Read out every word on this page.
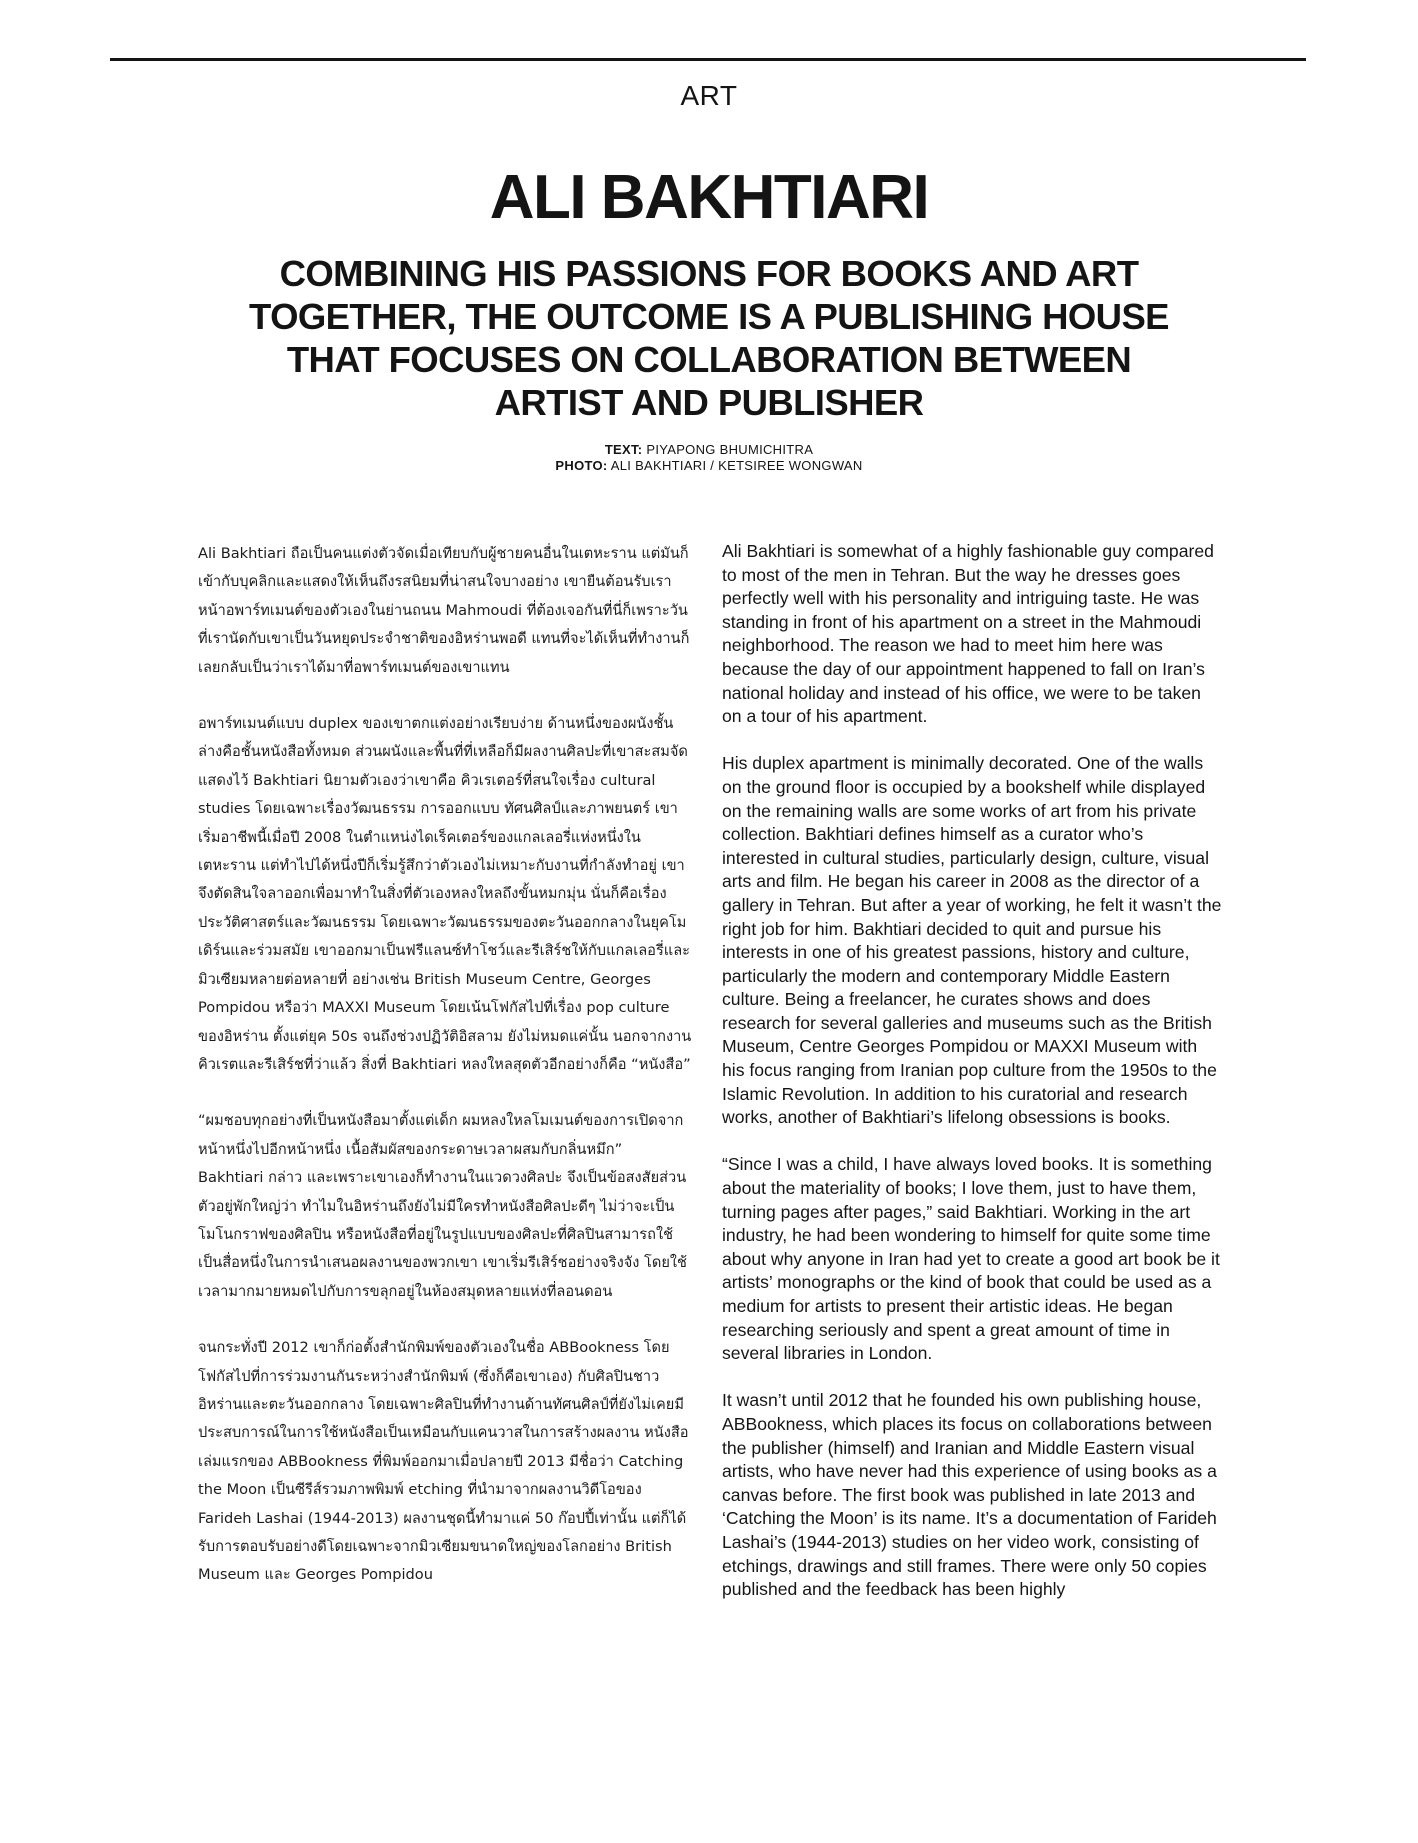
ART
ALI BAKHTIARI
COMBINING HIS PASSIONS FOR BOOKS AND ART TOGETHER, THE OUTCOME IS A PUBLISHING HOUSE THAT FOCUSES ON COLLABORATION BETWEEN ARTIST AND PUBLISHER
TEXT: PIYAPONG BHUMICHITRA
PHOTO: ALI BAKHTIARI / KETSIREE WONGWAN

Ali Bakhtiari ถือเป็นคนแต่งตัวจัดเมื่อเทียบกับผู้ชายคนอื่นในเตหะราน แต่มันก็เข้ากับบุคลิกและแสดงให้เห็นถึงรสนิยมที่น่าสนใจบางอย่าง เขายืนต้อนรับเราหน้าอพาร์ทเมนต์ของตัวเองในย่านถนน Mahmoudi ที่ต้องเจอกันที่นี่ก็เพราะวันที่เรานัดกับเขาเป็นวันหยุดประจำชาติของอิหร่านพอดี แทนที่จะได้เห็นที่ทำงานก็เลยกลับเป็นว่าเราได้มาที่อพาร์ทเมนต์ของเขาแทน

อพาร์ทเมนต์แบบ duplex ของเขาตกแต่งอย่างเรียบง่าย ด้านหนึ่งของผนังชั้นล่างคือชั้นหนังสือทั้งหมด ส่วนผนังและพื้นที่ที่เหลือก็มีผลงานศิลปะที่เขาสะสมจัดแสดงไว้ Bakhtiari นิยามตัวเองว่าเขาคือ คิวเรเตอร์ที่สนใจเรื่อง cultural studies โดยเฉพาะเรื่องวัฒนธรรม การออกแบบ ทัศนศิลป์และภาพยนตร์ เขาเริ่มอาชีพนี้เมื่อปี 2008 ในตำแหน่งไดเร็คเตอร์ของแกลเลอรี่แห่งหนึ่งในเตหะราน แต่ทำไปได้หนึ่งปีก็เริ่มรู้สึกว่าตัวเองไม่เหมาะกับงานที่กำลังทำอยู่ เขาจึงตัดสินใจลาออกเพื่อมาทำในสิ่งที่ตัวเองหลงใหลถึงขั้นหมกมุ่น นั่นก็คือเรื่องประวัติศาสตร์และวัฒนธรรม โดยเฉพาะวัฒนธรรมของตะวันออกกลางในยุคโมเดิร์นและร่วมสมัย เขาออกมาเป็นฟรีแลนซ์ทำโชว์และรีเสิร์ชให้กับแกลเลอรี่และมิวเซียมหลายต่อหลายที่ อย่างเช่น British Museum Centre, Georges Pompidou หรือว่า MAXXI Museum โดยเน้นโฟกัสไปที่เรื่อง pop culture ของอิหร่าน ตั้งแต่ยุค 50s จนถึงช่วงปฏิวัติอิสลาม ยังไม่หมดแค่นั้น นอกจากงานคิวเรตและรีเสิร์ชที่ว่าแล้ว สิ่งที่ Bakhtiari หลงใหลสุดตัวอีกอย่างก็คือ “หนังสือ”

“ผมชอบทุกอย่างที่เป็นหนังสือมาตั้งแต่เด็ก ผมหลงใหลโมเมนต์ของการเปิดจากหน้าหนึ่งไปอีกหน้าหนึ่ง เนื้อสัมผัสของกระดาษเวลาผสมกับกลิ่นหมึก” Bakhtiari กล่าว และเพราะเขาเองก็ทำงานในแวดวงศิลปะ จึงเป็นข้อสงสัยส่วนตัวอยู่พักใหญ่ว่า ทำไมในอิหร่านถึงยังไม่มีใครทำหนังสือศิลปะดีๆ ไม่ว่าจะเป็นโมโนกราฟของศิลปิน หรือหนังสือที่อยู่ในรูปแบบของศิลปะที่ศิลปินสามารถใช้เป็นสื่อหนึ่งในการนำเสนอผลงานของพวกเขา เขาเริ่มรีเสิร์ชอย่างจริงจัง โดยใช้เวลามากมายหมดไปกับการขลุกอยู่ในห้องสมุดหลายแห่งที่ลอนดอน

จนกระทั่งปี 2012 เขาก็ก่อตั้งสำนักพิมพ์ของตัวเองในชื่อ ABBookness โดยโฟกัสไปที่การร่วมงานกันระหว่างสำนักพิมพ์ (ซึ่งก็คือเขาเอง) กับศิลปินชาวอิหร่านและตะวันออกกลาง โดยเฉพาะศิลปินที่ทำงานด้านทัศนศิลป์ที่ยังไม่เคยมีประสบการณ์ในการใช้หนังสือเป็นเหมือนกับแคนวาสในการสร้างผลงาน หนังสือเล่มแรกของ ABBookness ที่พิมพ์ออกมาเมื่อปลายปี 2013 มีชื่อว่า Catching the Moon เป็นซีรีส์รวมภาพพิมพ์ etching ที่นำมาจากผลงานวิดีโอของ Farideh Lashai (1944-2013) ผลงานชุดนี้ทำมาแค่ 50 ก๊อปปี้เท่านั้น แต่ก็ได้รับการตอบรับอย่างดีโดยเฉพาะจากมิวเซียมขนาดใหญ่ของโลกอย่าง British Museum และ Georges Pompidou

Ali Bakhtiari is somewhat of a highly fashionable guy compared to most of the men in Tehran. But the way he dresses goes perfectly well with his personality and intriguing taste. He was standing in front of his apartment on a street in the Mahmoudi neighborhood. The reason we had to meet him here was because the day of our appointment happened to fall on Iran’s national holiday and instead of his office, we were to be taken on a tour of his apartment.

His duplex apartment is minimally decorated. One of the walls on the ground floor is occupied by a bookshelf while displayed on the remaining walls are some works of art from his private collection. Bakhtiari defines himself as a curator who’s interested in cultural studies, particularly design, culture, visual arts and film. He began his career in 2008 as the director of a gallery in Tehran. But after a year of working, he felt it wasn’t the right job for him. Bakhtiari decided to quit and pursue his interests in one of his greatest passions, history and culture, particularly the modern and contemporary Middle Eastern culture. Being a freelancer, he curates shows and does research for several galleries and museums such as the British Museum, Centre Georges Pompidou or MAXXI Museum with his focus ranging from Iranian pop culture from the 1950s to the Islamic Revolution. In addition to his curatorial and research works, another of Bakhtiari’s lifelong obsessions is books.

“Since I was a child, I have always loved books. It is something about the materiality of books; I love them, just to have them, turning pages after pages,” said Bakhtiari. Working in the art industry, he had been wondering to himself for quite some time about why anyone in Iran had yet to create a good art book be it artists’ monographs or the kind of book that could be used as a medium for artists to present their artistic ideas. He began researching seriously and spent a great amount of time in several libraries in London.

It wasn’t until 2012 that he founded his own publishing house, ABBookness, which places its focus on collaborations between the publisher (himself) and Iranian and Middle Eastern visual artists, who have never had this experience of using books as a canvas before. The first book was published in late 2013 and ‘Catching the Moon’ is its name. It’s a documentation of Farideh Lashai’s (1944-2013) studies on her video work, consisting of etchings, drawings and still frames. There were only 50 copies published and the feedback has been highly
